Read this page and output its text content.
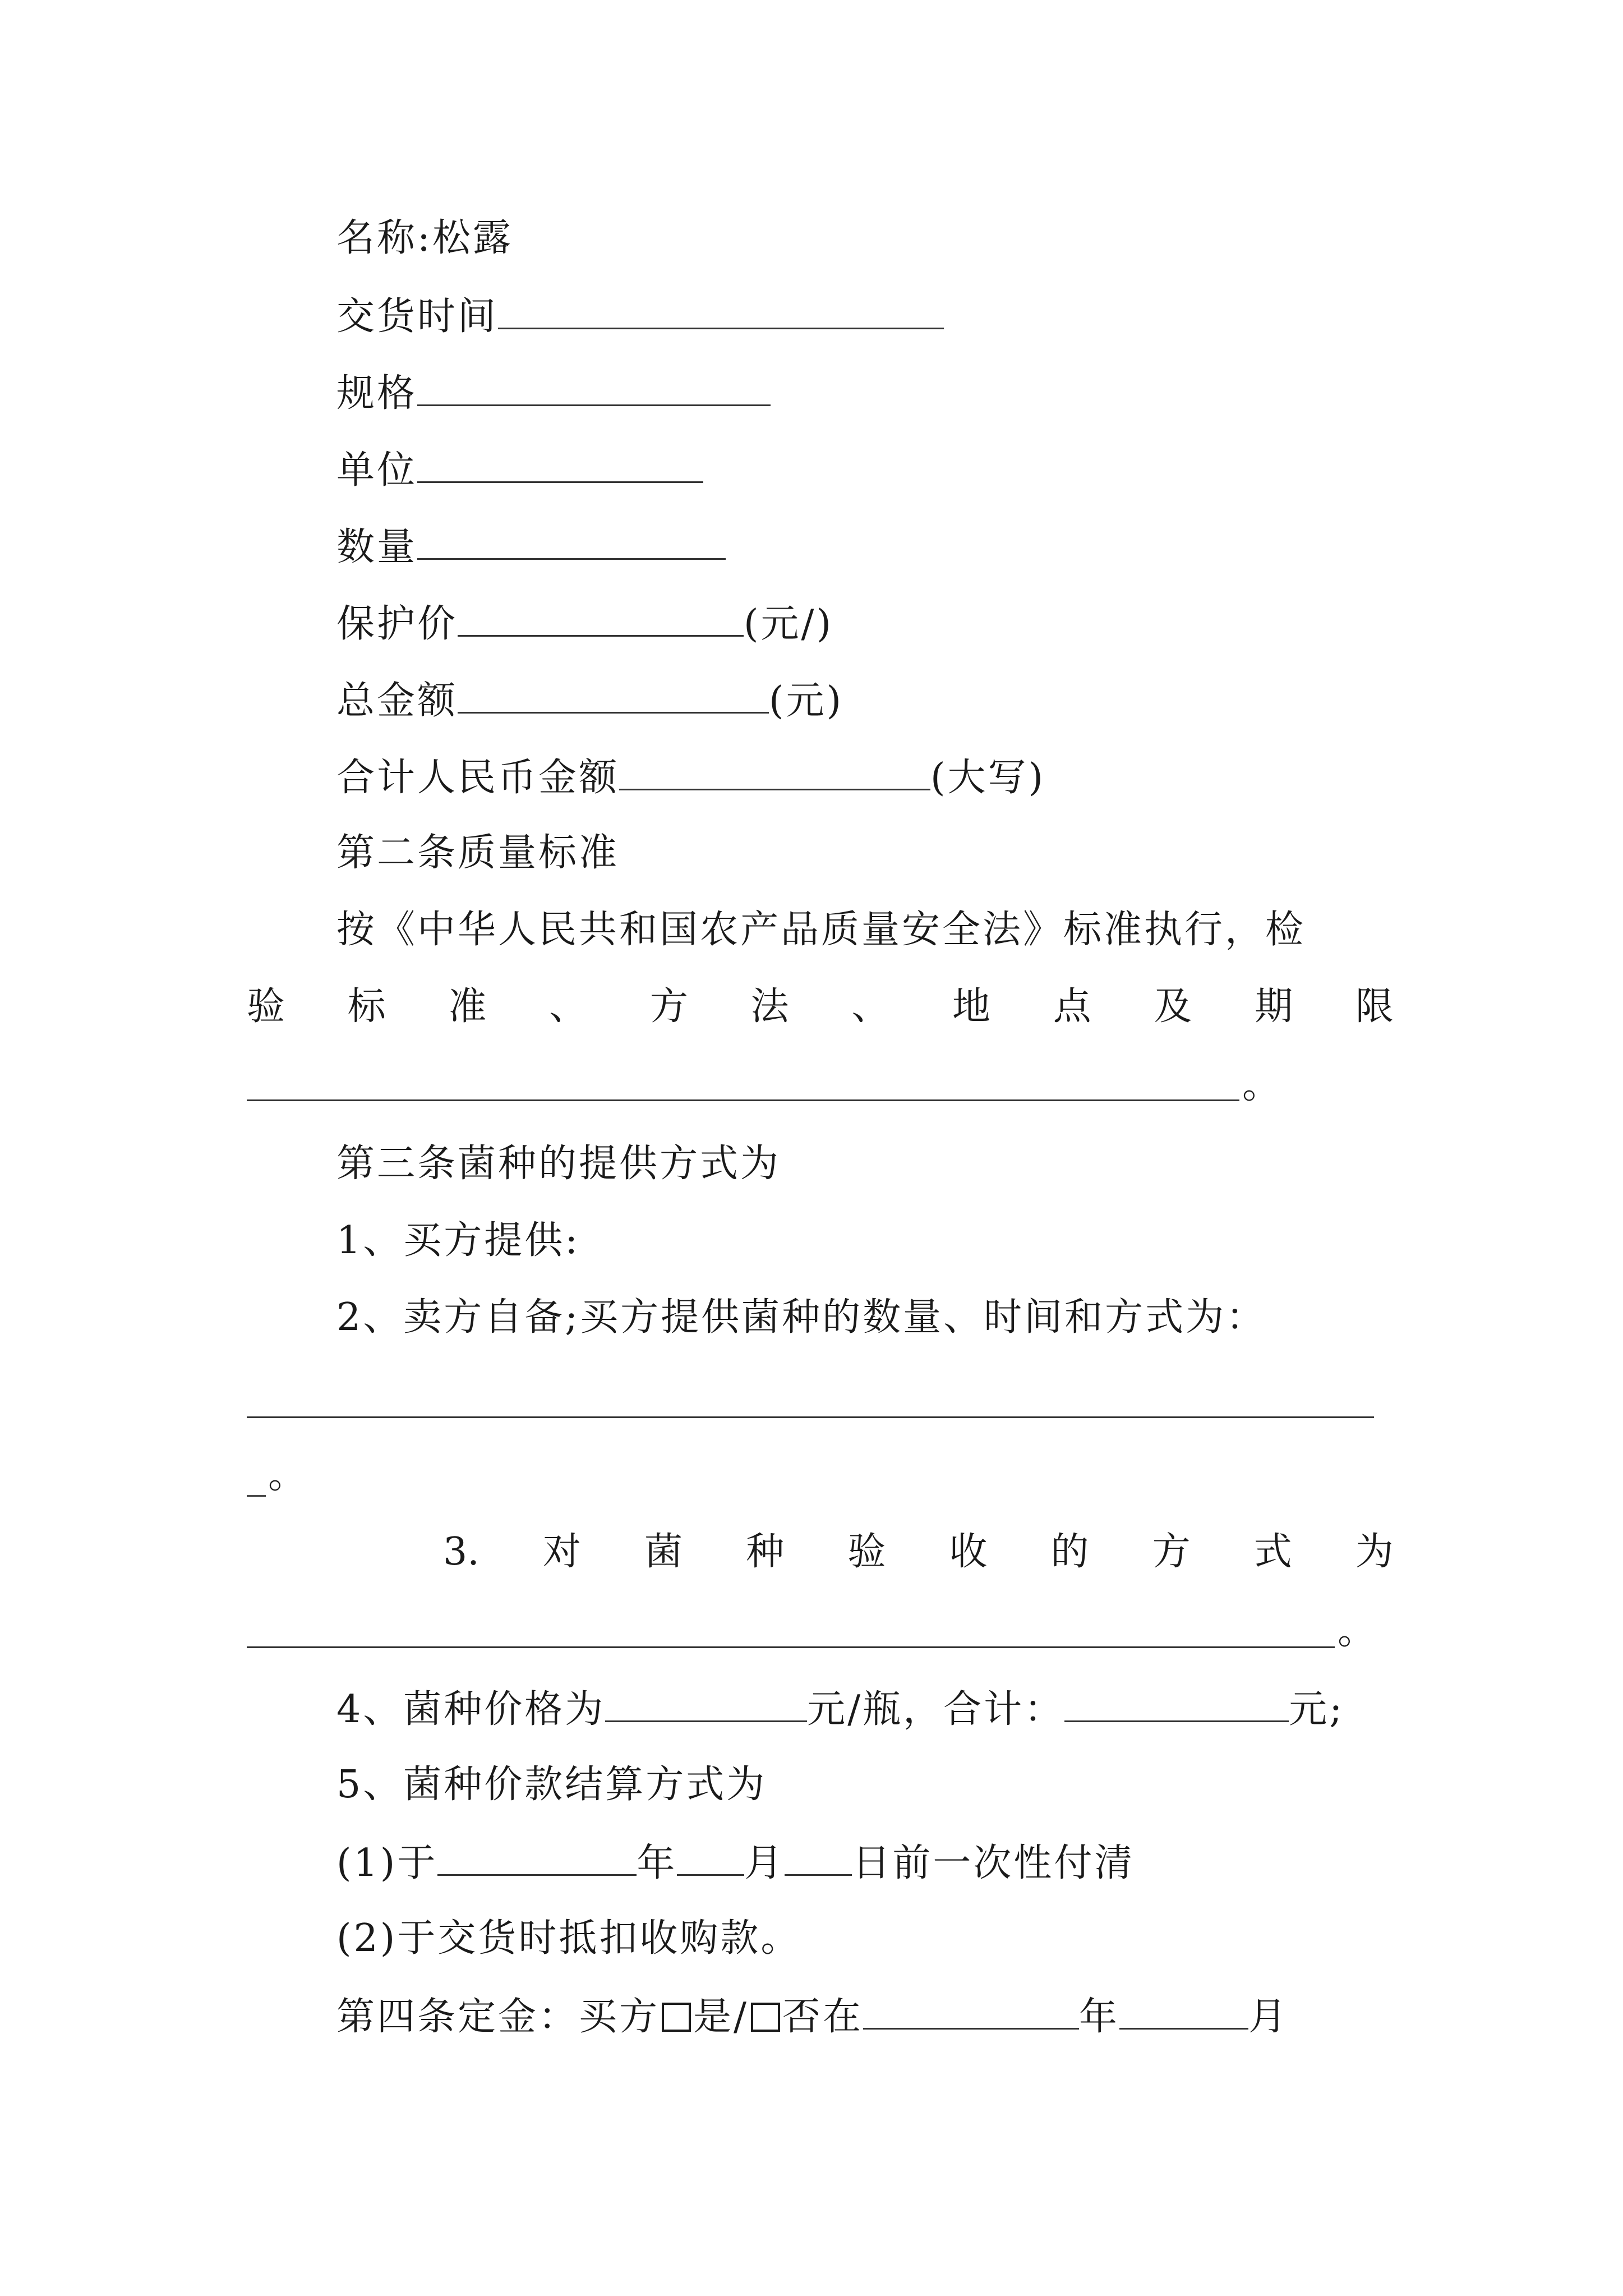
名称:松露
交货时间
规格
单位
数量
保护价	(元/)
总金额	(元)
合计人民币金额	(大写)
第二条质量标准
按《中华人民共和国农产品质量安全法》标准执行，检
验 标 准 、 方 法 、 地 点 及 期 限
。
第三条菌种的提供方式为
1、买方提供:
2、卖方自备;买方提供菌种的数量、时间和方式为：
_。
3. 对 菌 种 验 收 的 方 式 为
。
4、菌种价格为	元/瓶，合计：	元;
5、菌种价款结算方式为
(1)于	年 月 日前一次性付清
(2)于交货时抵扣收购款。
第四条定金：买方 是/ 否在	年	月
